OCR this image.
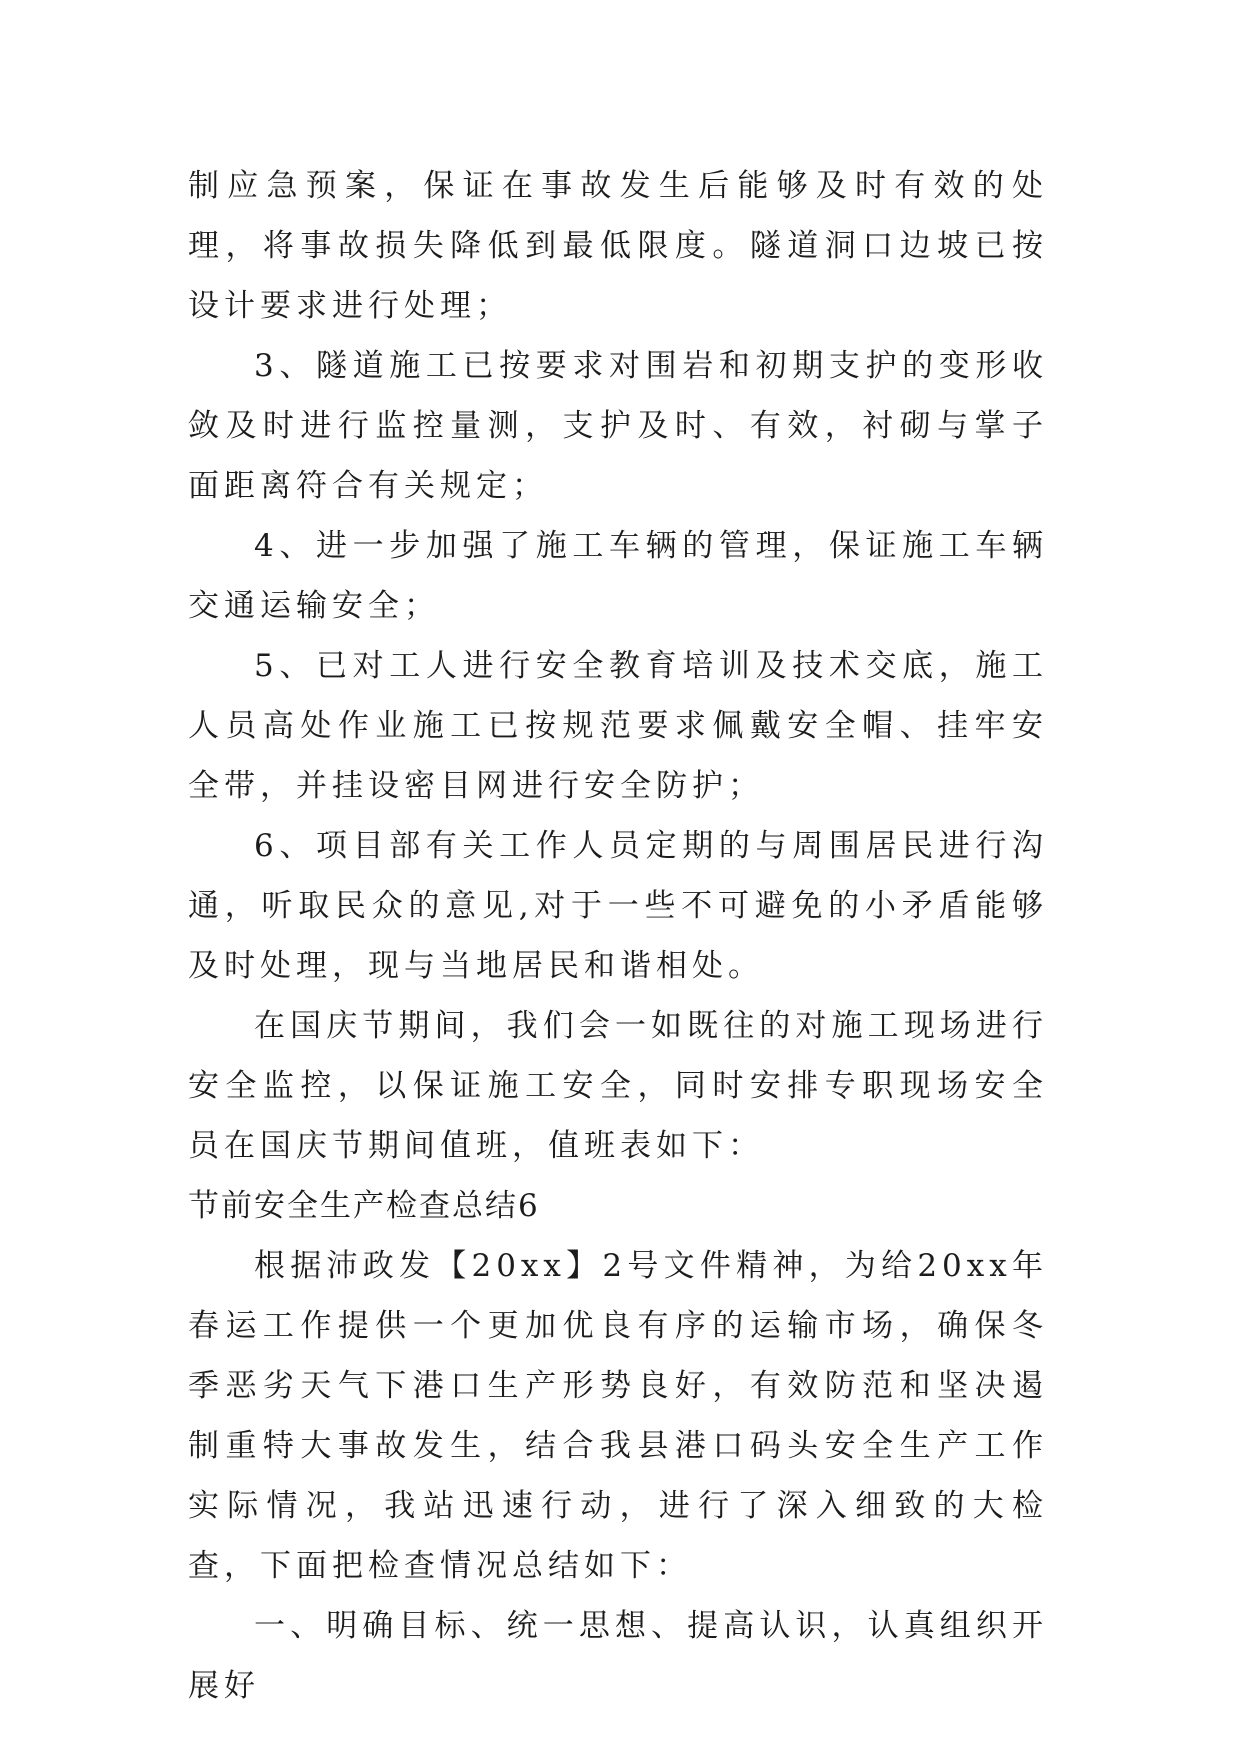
制应急预案，保证在事故发生后能够及时有效的处理，将事故损失降低到最低限度。隧道洞口边坡已按设计要求进行处理；

3、隧道施工已按要求对围岩和初期支护的变形收敛及时进行监控量测，支护及时、有效，衬砌与掌子面距离符合有关规定；

4、进一步加强了施工车辆的管理，保证施工车辆交通运输安全；

5、已对工人进行安全教育培训及技术交底，施工人员高处作业施工已按规范要求佩戴安全帽、挂牢安全带，并挂设密目网进行安全防护；

6、项目部有关工作人员定期的与周围居民进行沟通，听取民众的意见,对于一些不可避免的小矛盾能够及时处理，现与当地居民和谐相处。

在国庆节期间，我们会一如既往的对施工现场进行安全监控，以保证施工安全，同时安排专职现场安全员在国庆节期间值班，值班表如下：

节前安全生产检查总结6

根据沛政发【20xx】2号文件精神，为给20xx年春运工作提供一个更加优良有序的运输市场，确保冬季恶劣天气下港口生产形势良好，有效防范和坚决遏制重特大事故发生，结合我县港口码头安全生产工作实际情况，我站迅速行动，进行了深入细致的大检查，下面把检查情况总结如下：

一、明确目标、统一思想、提高认识，认真组织开展好
